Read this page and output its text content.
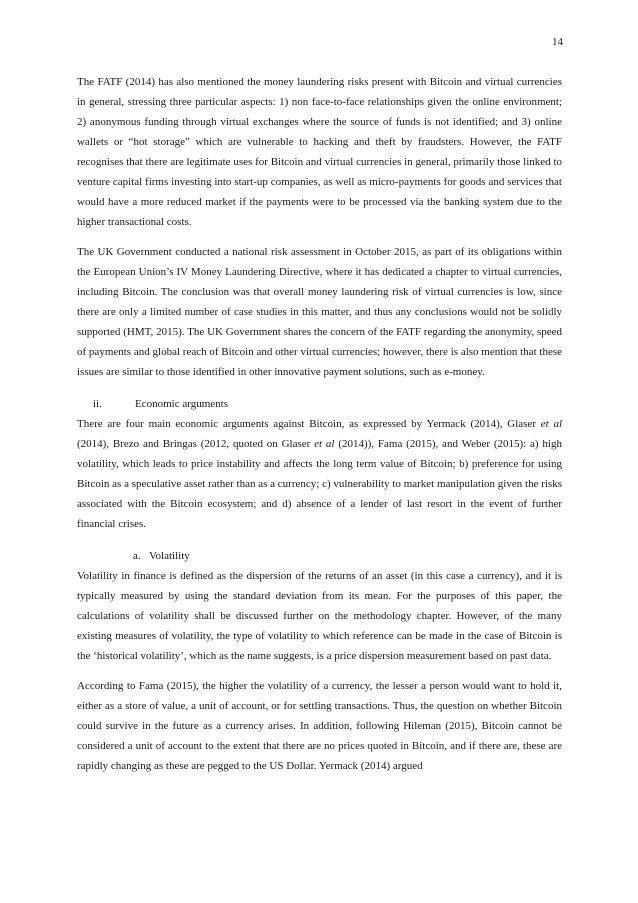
14

The FATF (2014) has also mentioned the money laundering risks present with Bitcoin and virtual currencies in general, stressing three particular aspects: 1) non face-to-face relationships given the online environment; 2) anonymous funding through virtual exchanges where the source of funds is not identified; and 3) online wallets or “hot storage” which are vulnerable to hacking and theft by fraudsters. However, the FATF recognises that there are legitimate uses for Bitcoin and virtual currencies in general, primarily those linked to venture capital firms investing into start-up companies, as well as micro-payments for goods and services that would have a more reduced market if the payments were to be processed via the banking system due to the higher transactional costs.

The UK Government conducted a national risk assessment in October 2015, as part of its obligations within the European Union’s IV Money Laundering Directive, where it has dedicated a chapter to virtual currencies, including Bitcoin. The conclusion was that overall money laundering risk of virtual currencies is low, since there are only a limited number of case studies in this matter, and thus any conclusions would not be solidly supported (HMT, 2015). The UK Government shares the concern of the FATF regarding the anonymity, speed of payments and global reach of Bitcoin and other virtual currencies; however, there is also mention that these issues are similar to those identified in other innovative payment solutions, such as e-money.

ii.	Economic arguments

There are four main economic arguments against Bitcoin, as expressed by Yermack (2014), Glaser et al (2014), Brezo and Bringas (2012, quoted on Glaser et al (2014)), Fama (2015), and Weber (2015): a) high volatility, which leads to price instability and affects the long term value of Bitcoin; b) preference for using Bitcoin as a speculative asset rather than as a currency; c) vulnerability to market manipulation given the risks associated with the Bitcoin ecosystem; and d) absence of a lender of last resort in the event of further financial crises.

a. Volatility

Volatility in finance is defined as the dispersion of the returns of an asset (in this case a currency), and it is typically measured by using the standard deviation from its mean. For the purposes of this paper, the calculations of volatility shall be discussed further on the methodology chapter. However, of the many existing measures of volatility, the type of volatility to which reference can be made in the case of Bitcoin is the ‘historical volatility’, which as the name suggests, is a price dispersion measurement based on past data.

According to Fama (2015), the higher the volatility of a currency, the lesser a person would want to hold it, either as a store of value, a unit of account, or for settling transactions. Thus, the question on whether Bitcoin could survive in the future as a currency arises. In addition, following Hileman (2015), Bitcoin cannot be considered a unit of account to the extent that there are no prices quoted in Bitcoin, and if there are, these are rapidly changing as these are pegged to the US Dollar. Yermack (2014) argued
